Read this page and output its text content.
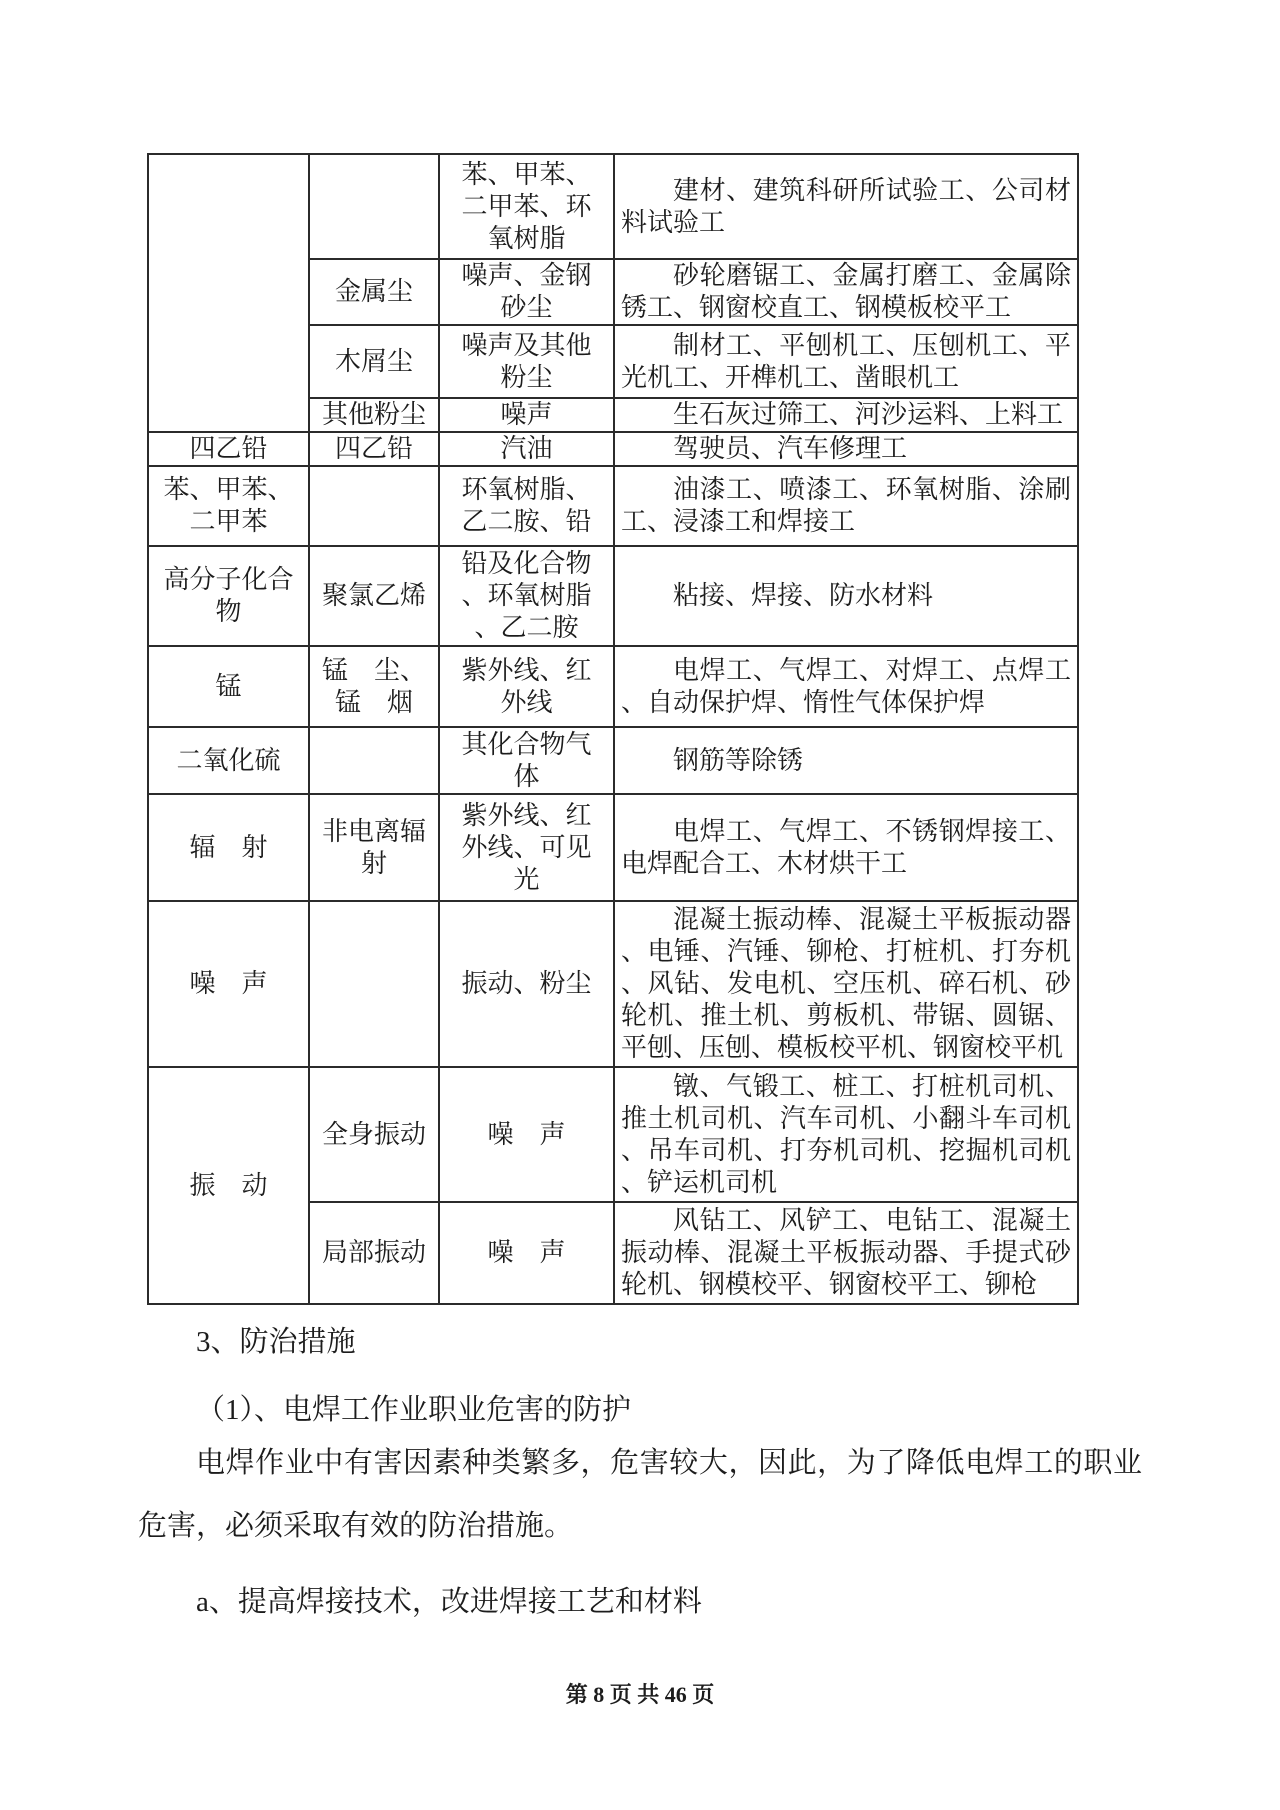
		苯、甲苯、二甲苯、环氧树脂	建材、建筑科研所试验工、公司材料试验工
	金属尘	噪声、金钢砂尘	砂轮磨锯工、金属打磨工、金属除锈工、钢窗校直工、钢模板校平工
	木屑尘	噪声及其他粉尘	制材工、平刨机工、压刨机工、平光机工、开榫机工、凿眼机工
	其他粉尘	噪声	生石灰过筛工、河沙运料、上料工
四乙铅	四乙铅	汽油	驾驶员、汽车修理工
苯、甲苯、二甲苯		环氧树脂、乙二胺、铅	油漆工、喷漆工、环氧树脂、涂刷工、浸漆工和焊接工
高分子化合物	聚氯乙烯	铅及化合物、环氧树脂、乙二胺	粘接、焊接、防水材料
锰	锰　尘、锰　烟	紫外线、红外线	电焊工、气焊工、对焊工、点焊工、自动保护焊、惰性气体保护焊
二氧化硫		其化合物气体	钢筋等除锈
辐　射	非电离辐射	紫外线、红外线、可见光	电焊工、气焊工、不锈钢焊接工、电焊配合工、木材烘干工
噪　声		振动、粉尘	混凝土振动棒、混凝土平板振动器、电锤、汽锤、铆枪、打桩机、打夯机、风钻、发电机、空压机、碎石机、砂轮机、推土机、剪板机、带锯、圆锯、平刨、压刨、模板校平机、钢窗校平机
振　动	全身振动	噪　声	镦、气锻工、桩工、打桩机司机、推土机司机、汽车司机、小翻斗车司机、吊车司机、打夯机司机、挖掘机司机、铲运机司机
	局部振动	噪　声	风钻工、风铲工、电钻工、混凝土振动棒、混凝土平板振动器、手提式砂轮机、钢模校平、钢窗校平工、铆枪
3、防治措施
（1）、电焊工作业职业危害的防护
电焊作业中有害因素种类繁多，危害较大，因此，为了降低电焊工的职业危害，必须采取有效的防治措施。
a、提高焊接技术，改进焊接工艺和材料
第 8 页 共 46 页
